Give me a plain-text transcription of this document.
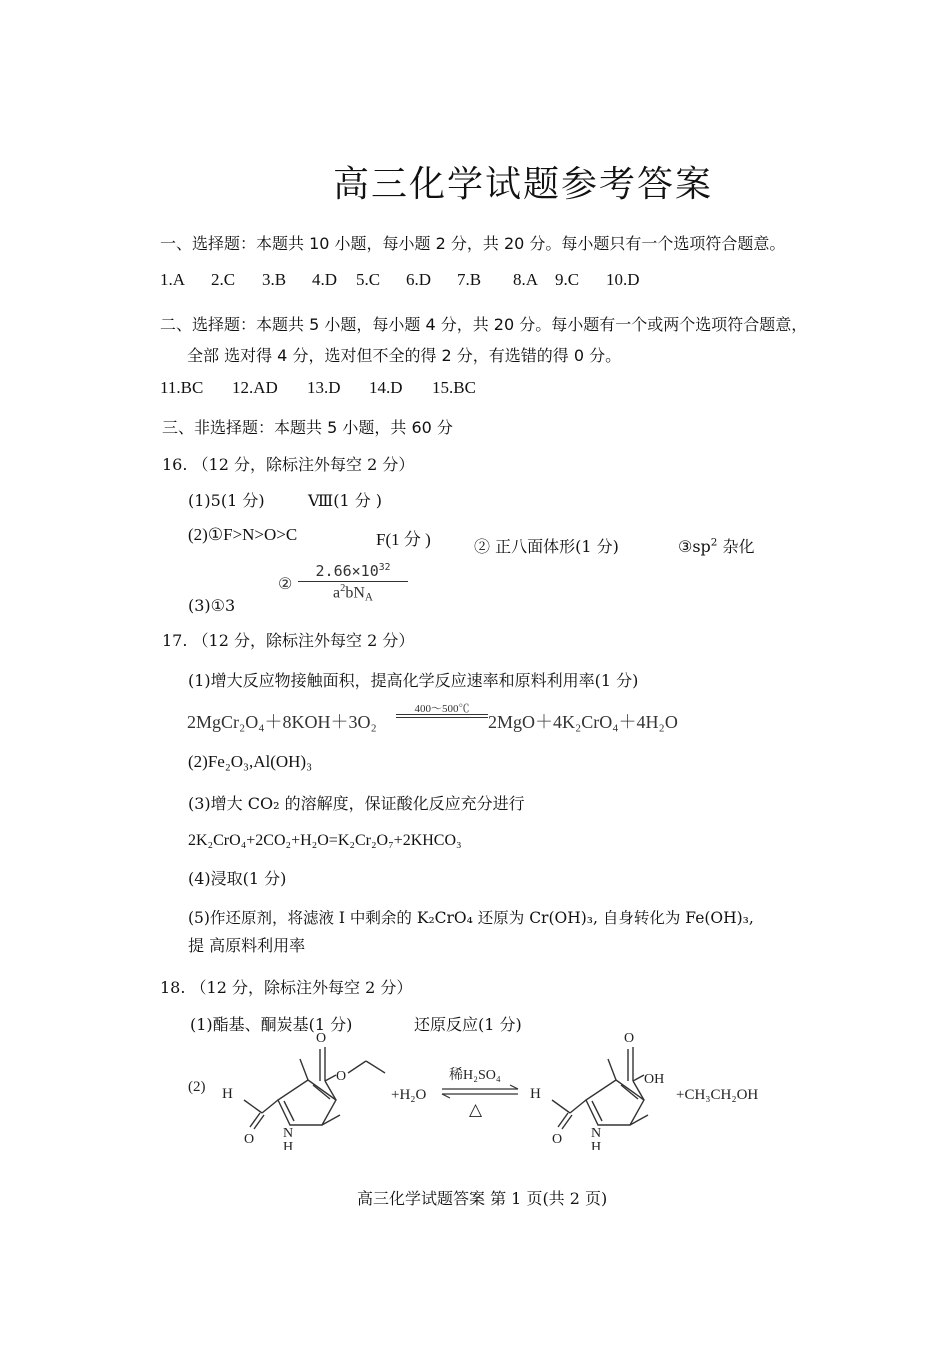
高三化学试题参考答案
一、选择题：本题共 10 小题，每小题 2 分，共 20 分。每小题只有一个选项符合题意。
1.A 2.C 3.B 4.D 5.C 6.D 7.B 8.A 9.C 10.D
二、选择题：本题共 5 小题，每小题 4 分，共 20 分。每小题有一个或两个选项符合题意，
全部 选对得 4 分，选对但不全的得 2 分，有选错的得 0 分。
11.BC 12.AD 13.D 14.D 15.BC
三、非选择题：本题共 5 小题，共 60 分
16. （12 分，除标注外每空 2 分）
(1)5(1 分)	Ⅷ(1 分 )
(2)①F>N>O>C	F(1 分 )	② 正八面体形(1 分)	$③sp^2$ 杂化
(3)①3
②
$2.66\times 10^{32}$
$a^2bN_A$
17. （12 分，除标注外每空 2 分）
(1)增大反应物接触面积，提高化学反应速率和原料利用率(1 分)
2MgCr₂O₄＋8KOH＋3O₂
400～500℃
2MgO＋4K₂CrO₄＋4H₂O
(2)Fe₂O₃,Al(OH)₃
(3)增大 CO₂ 的溶解度，保证酸化反应充分进行
2K₂CrO₄+2CO₂+H₂O=K₂Cr₂O₇+2KHCO₃
(4)浸取(1 分)
(5)作还原剂，将滤液 I 中剩余的 K₂CrO₄ 还原为 Cr(OH)₃, 自身转化为 Fe(OH)₃,
提 高原料利用率
18. （12 分，除标注外每空 2 分）
(1)酯基、酮炭基(1 分)	还原反应(1 分)
(2)
O
O
N
H
H
O
+H₂O
稀H₂SO₄
△
O
OH
N
H
H
O
+CH₃CH₂OH
高三化学试题答案 第 1 页(共 2 页)
